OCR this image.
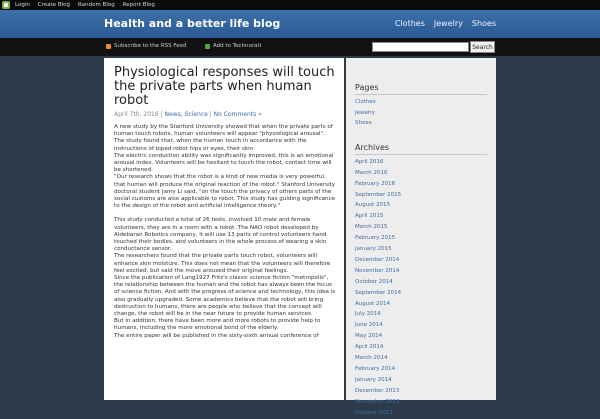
Login Create Blog Random Blog Report Blog
Health and a better life blog	Clothes Jewelry Shoes
Subscribe to the RSS Feed	Add to Technorati	Search
Physiological responses will touch the private parts when human robot
April 7th, 2016 | News, Science | No Comments »

A new study by the Stanford University showed that when the private parts of human touch robots, human volunteers will appear "physiological arousal".

The study found that, when the human touch in accordance with the instructions of biped robot hips or eyes, their skin

The electric conduction ability was significantly improved, this is an emotional arousal index. Volunteers will be hesitant to touch the robot, contact time will be shortened.

"Our research shows that the robot is a kind of new media is very powerful, that human will produce the original reaction of the robot." Stanford University doctoral student Jamy Li said, "on the touch the privacy of others parts of the social customs are also applicable to robot. This study has guiding significance to the design of the robot and artificial intelligence theory."

This study conducted a total of 26 tests, involved 10 male and female volunteers, they are in a room with a robot. The NAO robot developed by Aldebaran Robotics company, it will use 13 parts of control volunteers hand touched their bodies, and volunteers in the whole process of wearing a skin conductance sensor.

The researchers found that the private parts touch robot, volunteers will enhance skin moisture. This does not mean that the volunteers will therefore feel excited, but said the move aroused their original feelings.

Since the publication of Lang1927 Fritz's classic science fiction "metropolis", the relationship between the human and the robot has always been the focus of science fiction. And with the progress of science and technology, this idea is also gradually upgraded. Some academics believe that the robot will bring destruction to humans, there are people who believe that the concept will change, the robot will be in the near future to provide human services.

But in addition, there have been more and more robots to provide help to humans, including the more emotional bond of the elderly.

The entire paper will be published in the sixty-sixth annual conference of

Pages
Clothes
Jewelry
Shoes
Archives
April 2016
March 2016
February 2016
September 2015
August 2015
April 2015
March 2015
February 2015
January 2015
December 2014
November 2014
October 2014
September 2014
August 2014
July 2014
June 2014
May 2014
April 2014
March 2014
February 2014
January 2014
December 2013
November 2013
October 2013
